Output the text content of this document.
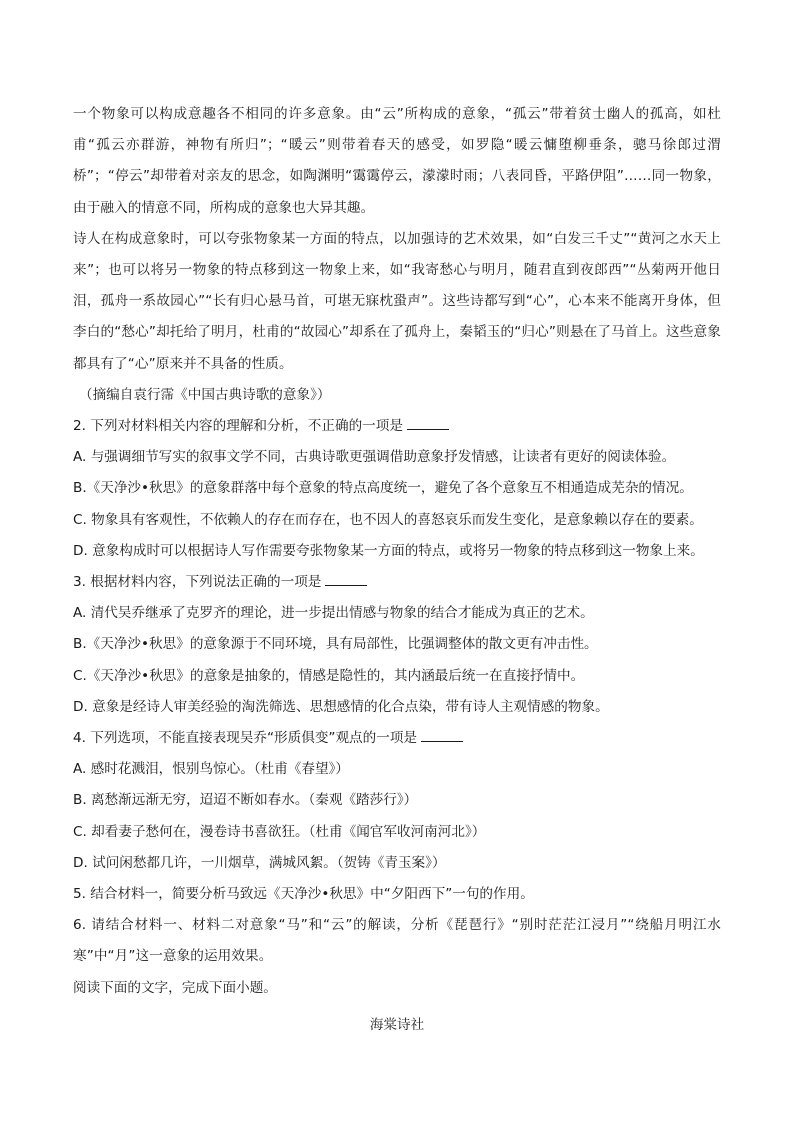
一个物象可以构成意趣各不相同的许多意象。由“云”所构成的意象，“孤云”带着贫士幽人的孤高，如杜甫“孤云亦群游，神物有所归”；“暖云”则带着春天的感受，如罗隐“暖云慵堕柳垂条，骢马徐郎过渭桥”；“停云”却带着对亲友的思念，如陶渊明“霭霭停云，濛濛时雨；八表同昏，平路伊阻”……同一物象，由于融入的情意不同，所构成的意象也大异其趣。

诗人在构成意象时，可以夸张物象某一方面的特点，以加强诗的艺术效果，如“白发三千丈”“黄河之水天上来”；也可以将另一物象的特点移到这一物象上来，如“我寄愁心与明月，随君直到夜郎西”“丛菊两开他日泪，孤舟一系故园心”“长有归心悬马首，可堪无寐枕蛩声”。这些诗都写到“心”，心本来不能离开身体，但李白的“愁心”却托给了明月，杜甫的“故园心”却系在了孤舟上，秦韬玉的“归心”则悬在了马首上。这些意象都具有了“心”原来并不具备的性质。

（摘编自袁行霈《中国古典诗歌的意象》）

2. 下列对材料相关内容的理解和分析，不正确的一项是

A. 与强调细节写实的叙事文学不同，古典诗歌更强调借助意象抒发情感，让读者有更好的阅读体验。

B.《天净沙•秋思》的意象群落中每个意象的特点高度统一，避免了各个意象互不相通造成芜杂的情况。

C. 物象具有客观性，不依赖人的存在而存在，也不因人的喜怒哀乐而发生变化，是意象赖以存在的要素。

D. 意象构成时可以根据诗人写作需要夸张物象某一方面的特点，或将另一物象的特点移到这一物象上来。

3. 根据材料内容，下列说法正确的一项是

A. 清代吴乔继承了克罗齐的理论，进一步提出情感与物象的结合才能成为真正的艺术。

B.《天净沙•秋思》的意象源于不同环境，具有局部性，比强调整体的散文更有冲击性。

C.《天净沙•秋思》的意象是抽象的，情感是隐性的，其内涵最后统一在直接抒情中。

D. 意象是经诗人审美经验的淘洗筛选、思想感情的化合点染，带有诗人主观情感的物象。

4. 下列选项，不能直接表现吴乔“形质俱变”观点的一项是

A. 感时花溅泪，恨别鸟惊心。（杜甫《春望》）

B. 离愁渐远渐无穷，迢迢不断如春水。（秦观《踏莎行》）

C. 却看妻子愁何在，漫卷诗书喜欲狂。（杜甫《闻官军收河南河北》）

D. 试问闲愁都几许，一川烟草，满城风絮。（贺铸《青玉案》）

5. 结合材料一，简要分析马致远《天净沙•秋思》中“夕阳西下”一句的作用。

6. 请结合材料一、材料二对意象“马”和“云”的解读，分析《琵琶行》“别时茫茫江浸月”“绕船月明江水寒”中“月”这一意象的运用效果。

阅读下面的文字，完成下面小题。

海棠诗社
